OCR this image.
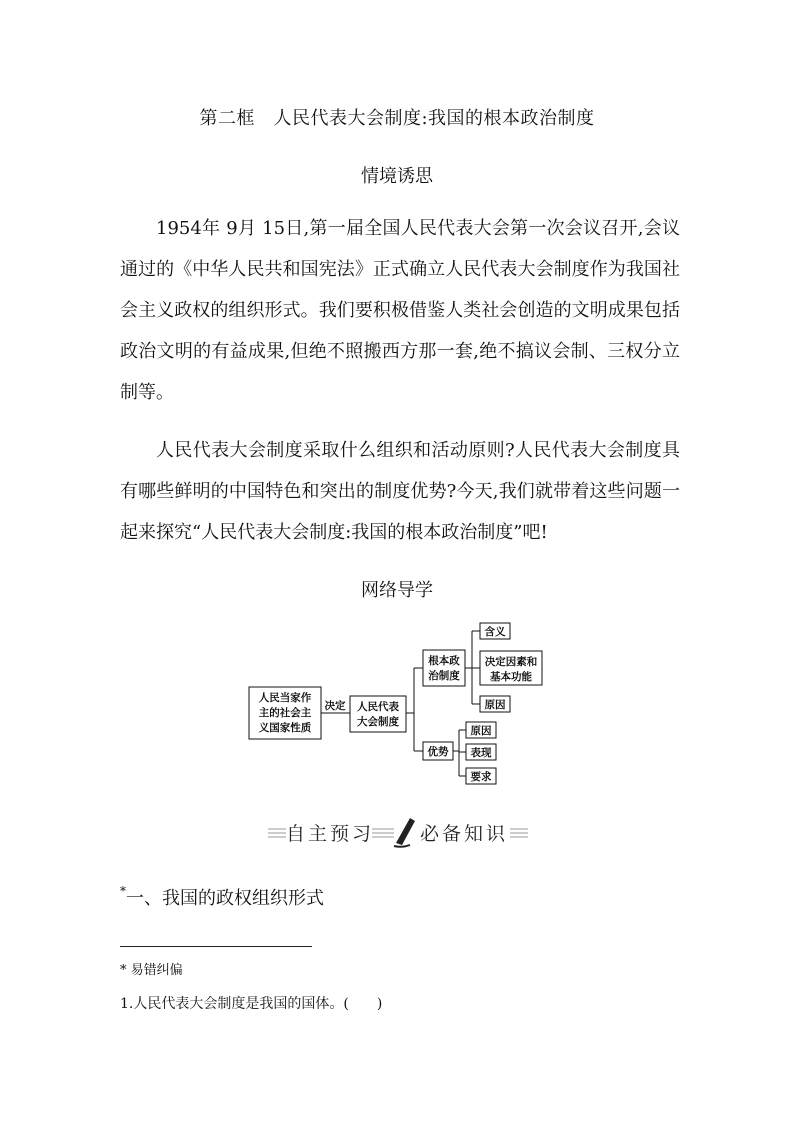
第二框　人民代表大会制度:我国的根本政治制度
情境诱思
1954年 9月 15日,第一届全国人民代表大会第一次会议召开,会议通过的《中华人民共和国宪法》正式确立人民代表大会制度作为我国社会主义政权的组织形式。我们要积极借鉴人类社会创造的文明成果包括政治文明的有益成果,但绝不照搬西方那一套,绝不搞议会制、三权分立制等。
人民代表大会制度采取什么组织和活动原则?人民代表大会制度具有哪些鲜明的中国特色和突出的制度优势?今天,我们就带着这些问题一起来探究“人民代表大会制度:我国的根本政治制度”吧!
网络导学
人民当家作
主的社会主
义国家性质
决定 人民代表
大会制度
根本政
治制度
优势
含义
决定因素和
基本功能
原因
原因
表现
要求
自主预习 必备知识
*一、我国的政权组织形式
* 易错纠偏
1.人民代表大会制度是我国的国体。(　　)
